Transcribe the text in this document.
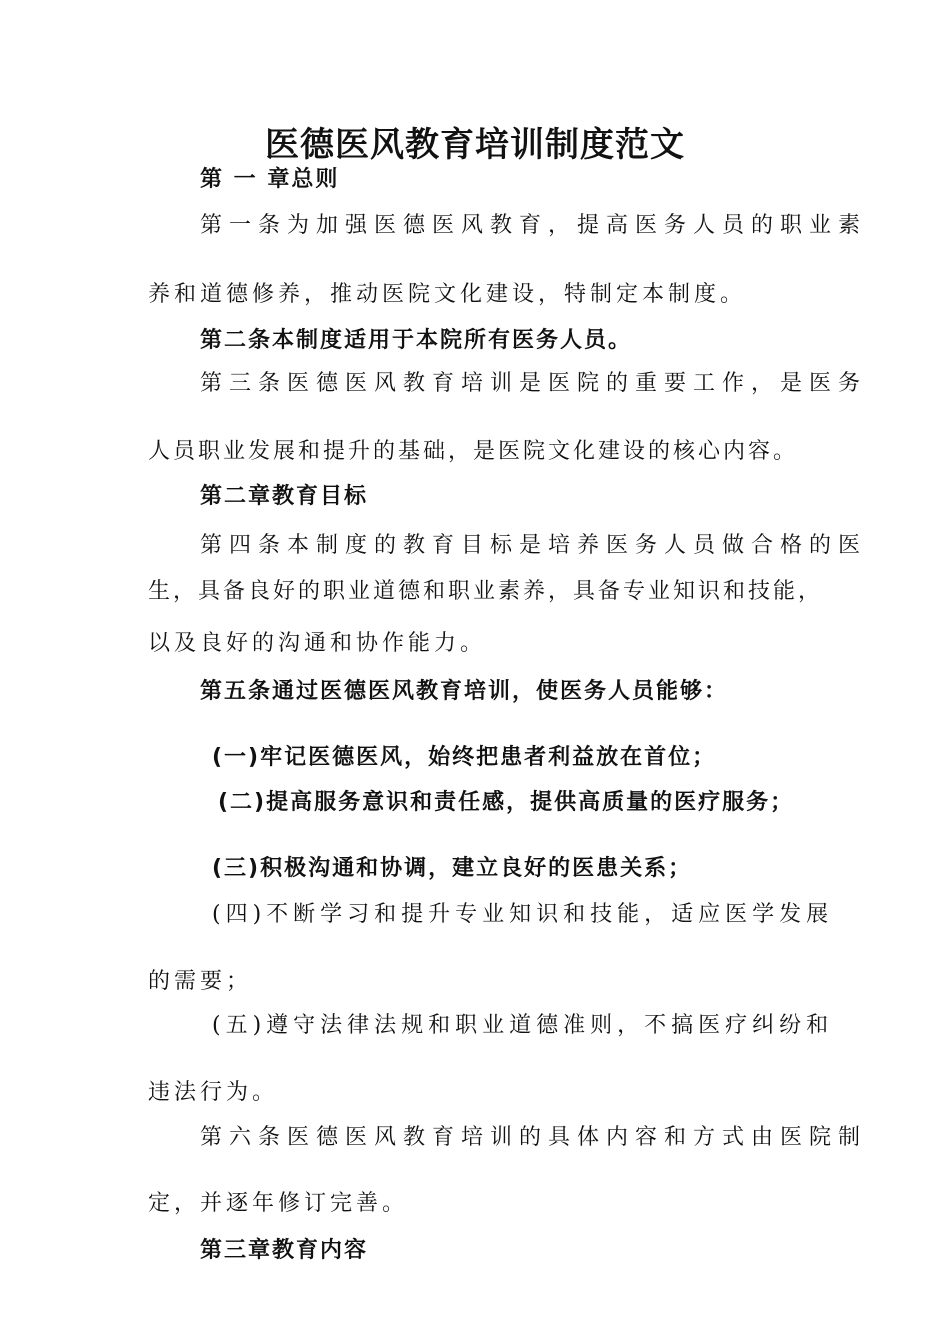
医德医风教育培训制度范文

第 一 章总则

第一条为加强医德医风教育，提高医务人员的职业素

养和道德修养，推动医院文化建设，特制定本制度。

第二条本制度适用于本院所有医务人员。

第三条医德医风教育培训是医院的重要工作，是医务

人员职业发展和提升的基础，是医院文化建设的核心内容。

第二章教育目标

第四条本制度的教育目标是培养医务人员做合格的医

生，具备良好的职业道德和职业素养，具备专业知识和技能，

以及良好的沟通和协作能力。

第五条通过医德医风教育培训，使医务人员能够：

(一)牢记医德医风，始终把患者利益放在首位；

(二)提高服务意识和责任感，提供高质量的医疗服务；

(三)积极沟通和协调，建立良好的医患关系；

(四)不断学习和提升专业知识和技能，适应医学发展

的需要；

(五)遵守法律法规和职业道德准则，不搞医疗纠纷和

违法行为。

第六条医德医风教育培训的具体内容和方式由医院制

定，并逐年修订完善。

第三章教育内容
